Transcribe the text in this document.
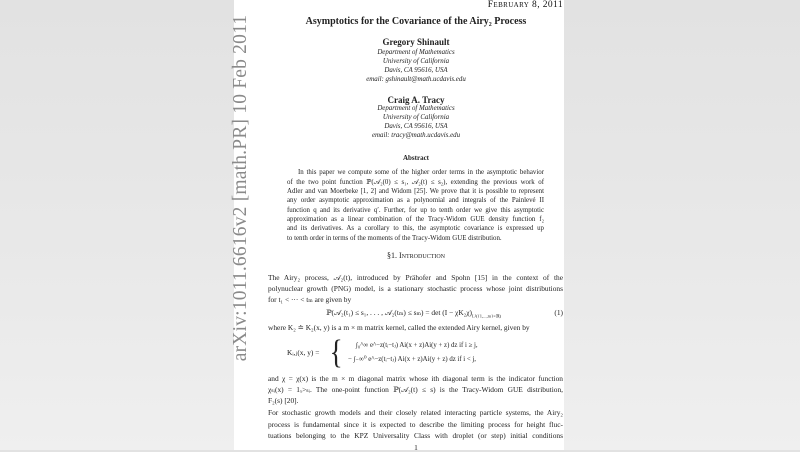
arXiv:1011.6616v2 [math.PR] 10 Feb 2011
February 8, 2011
Asymptotics for the Covariance of the Airy₂ Process
Gregory Shinault
Department of Mathematics
University of California
Davis, CA 95616, USA
email: gshinault@math.ucdavis.edu
Craig A. Tracy
Department of Mathematics
University of California
Davis, CA 95616, USA
email: tracy@math.ucdavis.edu
Abstract
In this paper we compute some of the higher order terms in the asymptotic behavior
of the two point function ℙ(𝒜₂(0) ≤ s₁, 𝒜₂(t) ≤ s₂), extending the previous work of
Adler and van Moerbeke [1, 2] and Widom [25]. We prove that it is possible to represent
any order asymptotic approximation as a polynomial and integrals of the Painlevé II
function q and its derivative q′. Further, for up to tenth order we give this asymptotic
approximation as a linear combination of the Tracy-Widom GUE density function f₂
and its derivatives. As a corollary to this, the asymptotic covariance is expressed up
to tenth order in terms of the moments of the Tracy-Widom GUE distribution.
§1. Introduction
The Airy₂ process, 𝒜₂(t), introduced by Prähofer and Spohn [15] in the context of the
polynuclear growth (PNG) model, is a stationary stochastic process whose joint distributions
for t₁ < ··· < tₘ are given by
ℙ(𝒜₂(t₁) ≤ s₁, . . . , 𝒜₂(tₘ) ≤ $s_m) = \det (I - \chi K_2\chi)_{L^2(\{1,...,m\}\times ℝ)}$	(1)
where K₂ ≐ K₂(x, y) is a m × m matrix kernel, called the extended Airy kernel, given by
Kᵢ,ⱼ(x, y) = { ∫₀^∞ e^−z(tᵢ−tⱼ) Ai(x + z)Ai(y + z) dz if i ≥ j,
− ∫₋∞⁰ e^−z(tᵢ−tⱼ) Ai(x + z)Ai(y + z) dz if i < j,
and χ = χ(x) is the m × m diagonal matrix whose ith diagonal term is the indicator function
χₛᵢ(x) = 1ₓ>ₛᵢ. The one-point function ℙ(𝒜₂(t) ≤ s) is the Tracy-Widom GUE distribution,
F₂(s) [20].
For stochastic growth models and their closely related interacting particle systems, the Airy₂
process is fundamental since it is expected to describe the limiting process for height fluc-
tuations belonging to the KPZ Universality Class with droplet (or step) initial conditions
1
